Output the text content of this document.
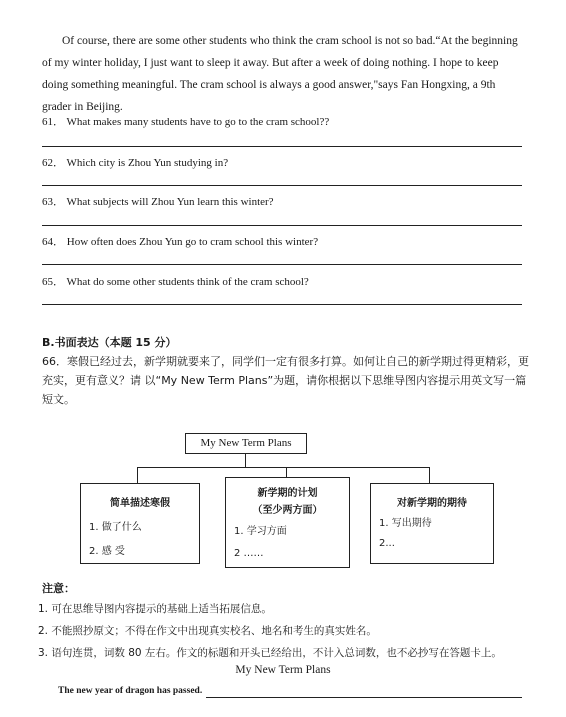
Of course, there are some other students who think the cram school is not so bad.“At the beginning of my winter holiday, I just want to sleep it away. But after a week of doing nothing. I hope to keep doing something meaningful. The cram school is always a good answer,"says Fan Hongxing, a 9th grader in Beijing.
61． What makes many students have to go to the cram school??
62． Which city is Zhou Yun studying in?
63． What subjects will Zhou Yun learn this winter?
64． How often does Zhou Yun go to cram school this winter?
65． What do some other students think of the cram school?
B.书面表达（本题 15 分）
66．寒假已经过去，新学期就要来了，同学们一定有很多打算。如何让自己的新学期过得更精彩，更充实，更有意义？请 以“My New Term Plans”为题，请你根据以下思维导图内容提示用英文写一篇短文。
My New Term Plans
简单描述寒假
1. 做了什么
2. 感 受
新学期的计划
（至少两方面）
1. 学习方面
2 ……
对新学期的期待
1. 写出期待
2...
注意：
1. 可在思维导图内容提示的基础上适当拓展信息。
2. 不能照抄原文；不得在作文中出现真实校名、地名和考生的真实姓名。
3. 语句连贯，词数 80 左右。作文的标题和开头已经给出，不计入总词数，也不必抄写在答题卡上。
My New Term Plans
The new year of dragon has passed.
